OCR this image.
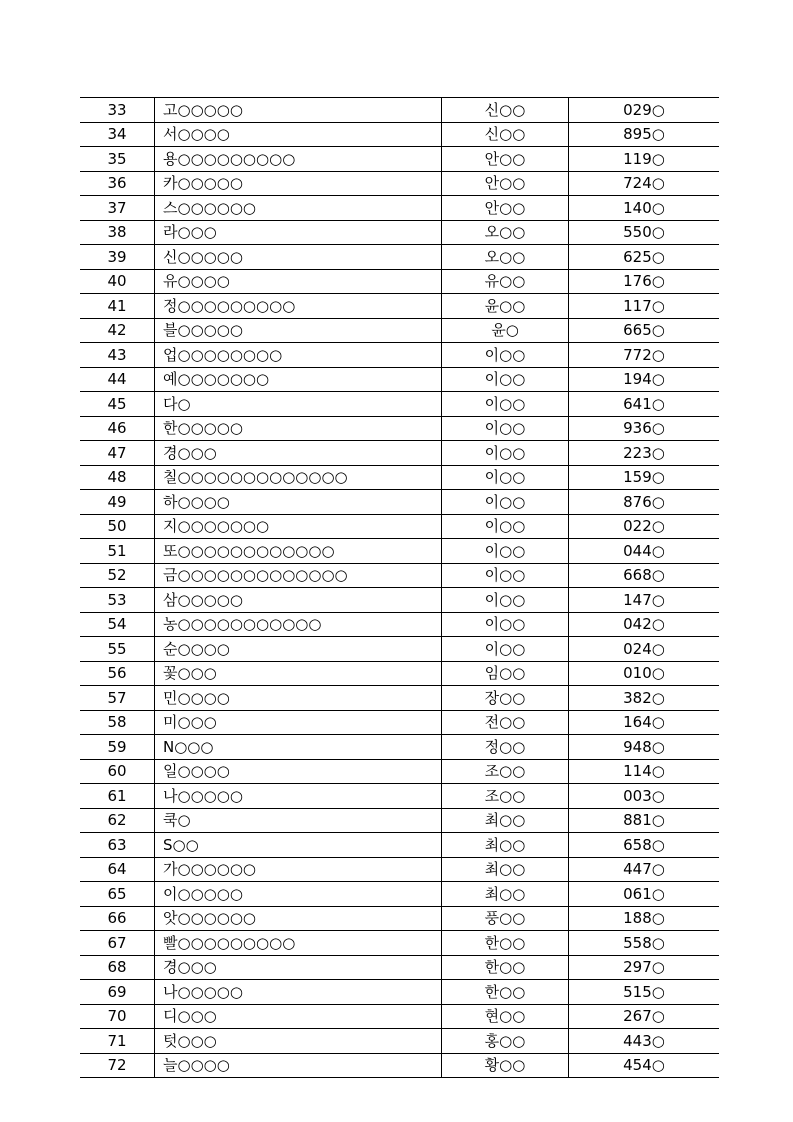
33	고○○○○○	신○○	029○
34	서○○○○	신○○	895○
35	용○○○○○○○○○	안○○	119○
36	카○○○○○	안○○	724○
37	스○○○○○○	안○○	140○
38	라○○○	오○○	550○
39	신○○○○○	오○○	625○
40	유○○○○	유○○	176○
41	정○○○○○○○○○	윤○○	117○
42	블○○○○○	윤○	665○
43	업○○○○○○○○	이○○	772○
44	예○○○○○○○	이○○	194○
45	다○	이○○	641○
46	한○○○○○	이○○	936○
47	경○○○	이○○	223○
48	칠○○○○○○○○○○○○○	이○○	159○
49	하○○○○	이○○	876○
50	지○○○○○○○	이○○	022○
51	또○○○○○○○○○○○○	이○○	044○
52	금○○○○○○○○○○○○○	이○○	668○
53	삼○○○○○	이○○	147○
54	농○○○○○○○○○○○	이○○	042○
55	순○○○○	이○○	024○
56	꽃○○○	임○○	010○
57	민○○○○	장○○	382○
58	미○○○	전○○	164○
59	N○○○	정○○	948○
60	일○○○○	조○○	114○
61	나○○○○○	조○○	003○
62	쿡○	최○○	881○
63	S○○	최○○	658○
64	가○○○○○○	최○○	447○
65	이○○○○○	최○○	061○
66	앗○○○○○○	풍○○	188○
67	빨○○○○○○○○○	한○○	558○
68	경○○○	한○○	297○
69	나○○○○○	한○○	515○
70	디○○○	현○○	267○
71	텃○○○	홍○○	443○
72	늘○○○○	황○○	454○
